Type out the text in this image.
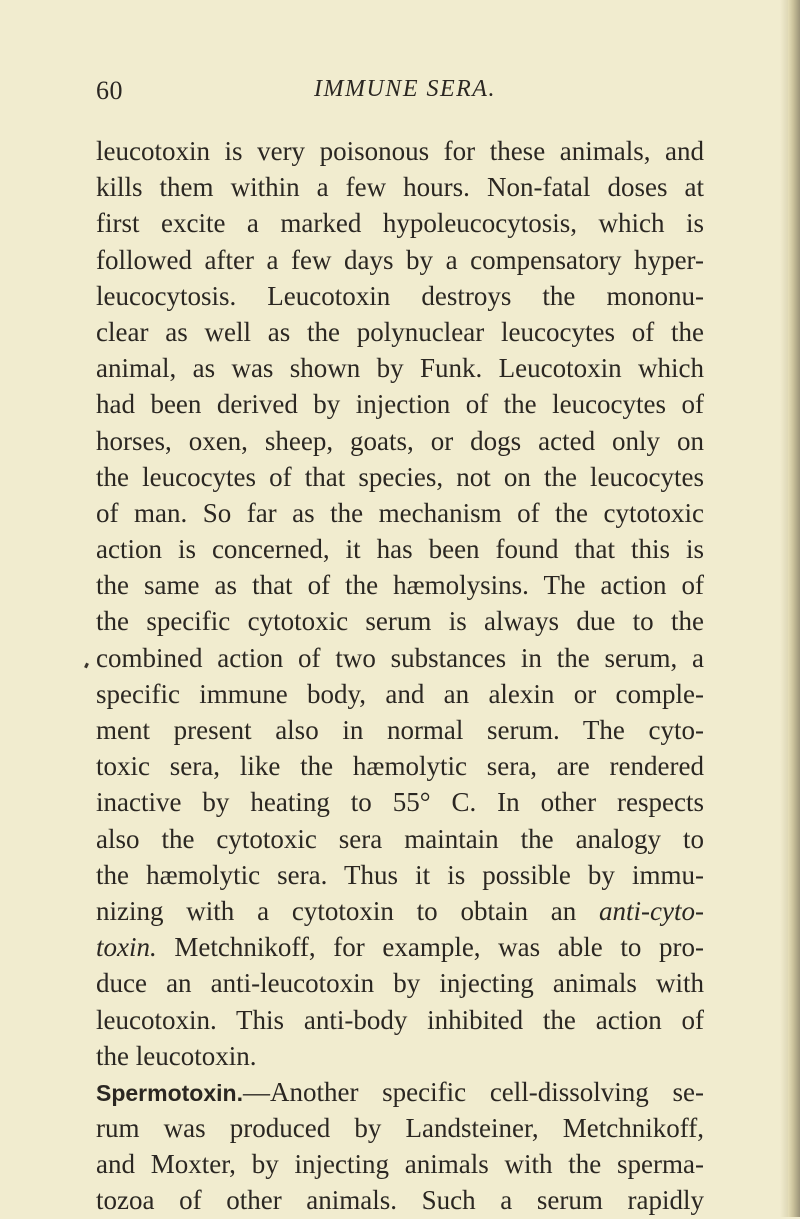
60	IMMUNE SERA.
leucotoxin is very poisonous for these animals, and
kills them within a few hours. Non-fatal doses at
first excite a marked hypoleucocytosis, which is
followed after a few days by a compensatory hyper-
leucocytosis. Leucotoxin destroys the mononu-
clear as well as the polynuclear leucocytes of the
animal, as was shown by Funk. Leucotoxin which
had been derived by injection of the leucocytes of
horses, oxen, sheep, goats, or dogs acted only on
the leucocytes of that species, not on the leucocytes
of man. So far as the mechanism of the cytotoxic
action is concerned, it has been found that this is
the same as that of the hæmolysins. The action of
the specific cytotoxic serum is always due to the
combined action of two substances in the serum, a
specific immune body, and an alexin or comple-
ment present also in normal serum. The cyto-
toxic sera, like the hæmolytic sera, are rendered
inactive by heating to 55° C. In other respects
also the cytotoxic sera maintain the analogy to
the hæmolytic sera. Thus it is possible by immu-
nizing with a cytotoxin to obtain an anti-cyto-
toxin. Metchnikoff, for example, was able to pro-
duce an anti-leucotoxin by injecting animals with
leucotoxin. This anti-body inhibited the action of
the leucotoxin.
Spermotoxin.—Another specific cell-dissolving se-
rum was produced by Landsteiner, Metchnikoff,
and Moxter, by injecting animals with the sperma-
tozoa of other animals. Such a serum rapidly
